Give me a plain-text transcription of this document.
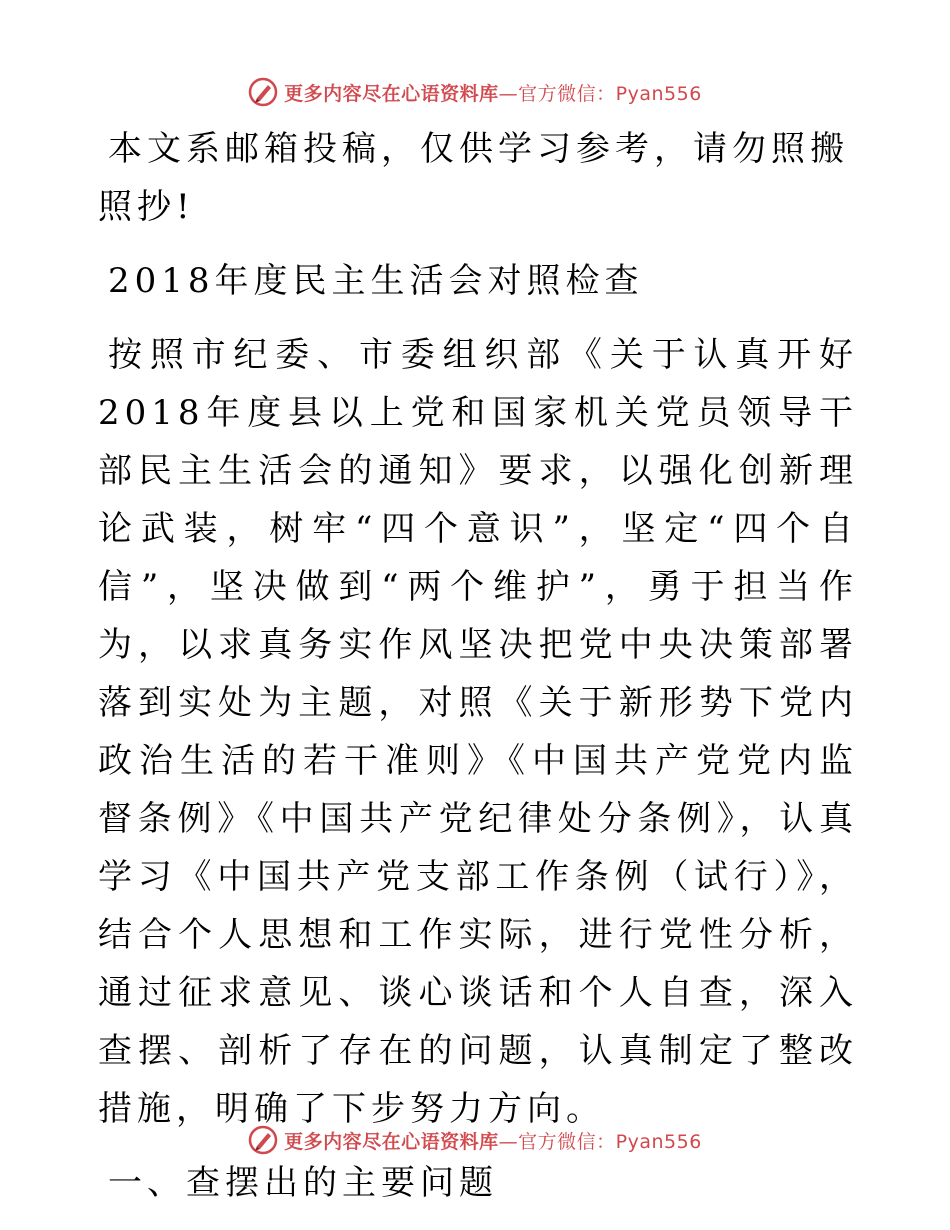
更多内容尽在心语资料库—官方微信：Pyan556

本文系邮箱投稿，仅供学习参考，请勿照搬照抄!

2018年度民主生活会对照检查

按照市纪委、市委组织部《关于认真开好2018年度县以上党和国家机关党员领导干部民主生活会的通知》要求，以强化创新理论武装，树牢“四个意识”，坚定“四个自信”，坚决做到“两个维护”，勇于担当作为，以求真务实作风坚决把党中央决策部署落到实处为主题，对照《关于新形势下党内政治生活的若干准则》《中国共产党党内监督条例》《中国共产党纪律处分条例》，认真学习《中国共产党支部工作条例（试行）》，结合个人思想和工作实际，进行党性分析，通过征求意见、谈心谈话和个人自查，深入查摆、剖析了存在的问题，认真制定了整改措施，明确了下步努力方向。

一、查摆出的主要问题

更多内容尽在心语资料库—官方微信：Pyan556
